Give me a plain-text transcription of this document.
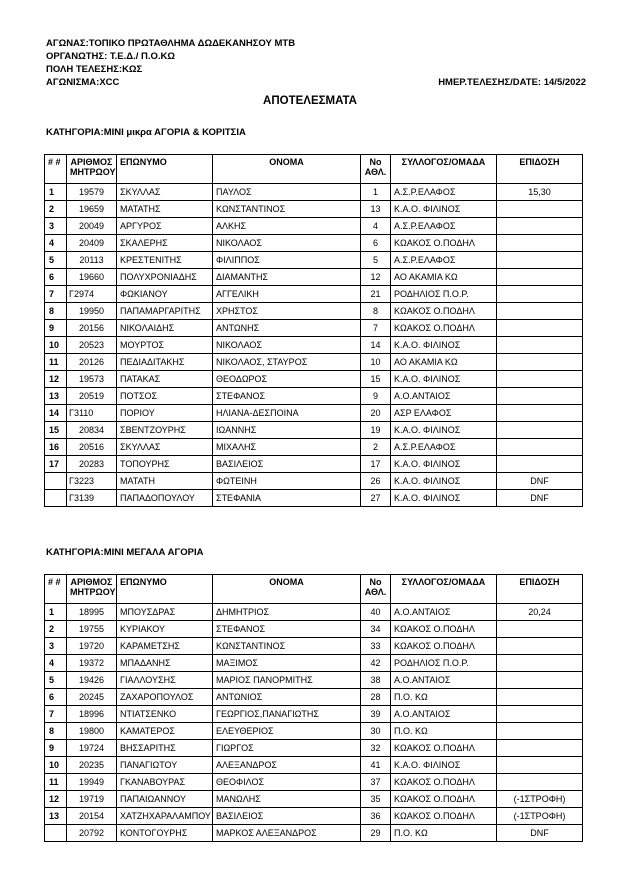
ΑΓΩΝΑΣ:ΤΟΠΙΚΟ ΠΡΩΤΑΘΛΗΜΑ ΔΩΔΕΚΑΝΗΣΟΥ ΜΤΒ
ΟΡΓΑΝΩΤΗΣ: Τ.Ε.Δ./ Π.Ο.ΚΩ
ΠΟΛΗ ΤΕΛΕΣΗΣ:ΚΩΣ
ΑΓΩΝΙΣΜΑ:XCC	ΗΜΕΡ.ΤΕΛΕΣΗΣ/DATE: 14/5/2022
ΑΠΟΤΕΛΕΣΜΑΤΑ
ΚΑΤΗΓΟΡΙΑ:ΜΙΝΙ μικρα ΑΓΟΡΙΑ & ΚΟΡΙΤΣΙΑ
# #	ΑΡΙΘΜΟΣ ΜΗΤΡΩΟΥ	ΕΠΩΝΥΜΟ	ΟΝΟΜΑ	No ΑΘΛ.	ΣΥΛΛΟΓΟΣ/ΟΜΑΔΑ	ΕΠΙΔΟΣΗ
1	19579	ΣΚΥΛΛΑΣ	ΠΑΥΛΟΣ	1	Α.Σ.Ρ.ΕΛΑΦΟΣ	15,30
2	19659	ΜΑΤΑΤΗΣ	ΚΩΝΣΤΑΝΤΙΝΟΣ	13	Κ.Α.Ο. ΦΙΛΙΝΟΣ	
3	20049	ΑΡΓΥΡΟΣ	ΑΛΚΗΣ	4	Α.Σ.Ρ.ΕΛΑΦΟΣ	
4	20409	ΣΚΑΛΕΡΗΣ	ΝΙΚΟΛΑΟΣ	6	ΚΩΑΚΟΣ Ο.ΠΟΔΗΛ	
5	20113	ΚΡΕΣΤΕΝΙΤΗΣ	ΦΙΛΙΠΠΟΣ	5	Α.Σ.Ρ.ΕΛΑΦΟΣ	
6	19660	ΠΟΛΥΧΡΟΝΙΑΔΗΣ	ΔΙΑΜΑΝΤΗΣ	12	ΑΟ ΑΚΑΜΙΑ ΚΩ	
7	Γ2974	ΦΩΚΙΑΝΟΥ	ΑΓΓΕΛΙΚΗ	21	ΡΟΔΗΛΙΟΣ Π.Ο.Ρ.	
8	19950	ΠΑΠΑΜΑΡΓΑΡΙΤΗΣ	ΧΡΗΣΤΟΣ	8	ΚΩΑΚΟΣ Ο.ΠΟΔΗΛ	
9	20156	ΝΙΚΟΛΑΙΔΗΣ	ΑΝΤΩΝΗΣ	7	ΚΩΑΚΟΣ Ο.ΠΟΔΗΛ	
10	20523	ΜΟΥΡΤΟΣ	ΝΙΚΟΛΑΟΣ	14	Κ.Α.Ο. ΦΙΛΙΝΟΣ	
11	20126	ΠΕΔΙΑΔΙΤΑΚΗΣ	ΝΙΚΟΛΑΟΣ, ΣΤΑΥΡΟΣ	10	ΑΟ ΑΚΑΜΙΑ ΚΩ	
12	19573	ΠΑΤΑΚΑΣ	ΘΕΟΔΩΡΟΣ	15	Κ.Α.Ο. ΦΙΛΙΝΟΣ	
13	20519	ΠΟΤΣΟΣ	ΣΤΕΦΑΝΟΣ	9	Α.Ο.ΑΝΤΑΙΟΣ	
14	Γ3110	ΠΟΡΙΟΥ	ΗΛΙΑΝΑ-ΔΕΣΠΟΙΝΑ	20	ΑΣΡ ΕΛΑΦΟΣ	
15	20834	ΣΒΕΝΤΖΟΥΡΗΣ	ΙΩΑΝΝΗΣ	19	Κ.Α.Ο. ΦΙΛΙΝΟΣ	
16	20516	ΣΚΥΛΛΑΣ	ΜΙΧΑΛΗΣ	2	Α.Σ.Ρ.ΕΛΑΦΟΣ	
17	20283	ΤΟΠΟΥΡΗΣ	ΒΑΣΙΛΕΙΟΣ	17	Κ.Α.Ο. ΦΙΛΙΝΟΣ	
	Γ3223	ΜΑΤΑΤΗ	ΦΩΤΕΙΝΗ	26	Κ.Α.Ο. ΦΙΛΙΝΟΣ	DNF
	Γ3139	ΠΑΠΑΔΟΠΟΥΛΟΥ	ΣΤΕΦΑΝΙΑ	27	Κ.Α.Ο. ΦΙΛΙΝΟΣ	DNF
ΚΑΤΗΓΟΡΙΑ:ΜΙΝΙ ΜΕΓΑΛΑ ΑΓΟΡΙΑ
# #	ΑΡΙΘΜΟΣ ΜΗΤΡΩΟΥ	ΕΠΩΝΥΜΟ	ΟΝΟΜΑ	No ΑΘΛ.	ΣΥΛΛΟΓΟΣ/ΟΜΑΔΑ	ΕΠΙΔΟΣΗ
1	18995	ΜΠΟΥΣΔΡΑΣ	ΔΗΜΗΤΡΙΟΣ	40	Α.Ο.ΑΝΤΑΙΟΣ	20,24
2	19755	ΚΥΡΙΑΚΟΥ	ΣΤΕΦΑΝΟΣ	34	ΚΩΑΚΟΣ Ο.ΠΟΔΗΛ	
3	19720	ΚΑΡΑΜΕΤΣΗΣ	ΚΩΝΣΤΑΝΤΙΝΟΣ	33	ΚΩΑΚΟΣ Ο.ΠΟΔΗΛ	
4	19372	ΜΠΑΔΑΝΗΣ	ΜΑΞΙΜΟΣ	42	ΡΟΔΗΛΙΟΣ Π.Ο.Ρ.	
5	19426	ΓΙΑΛΛΟΥΣΗΣ	ΜΑΡΙΟΣ ΠΑΝΟΡΜΙΤΗΣ	38	Α.Ο.ΑΝΤΑΙΟΣ	
6	20245	ΖΑΧΑΡΟΠΟΥΛΟΣ	ΑΝΤΩΝΙΟΣ	28	Π.Ο. ΚΩ	
7	18996	ΝΤΙΑΤΣΕΝΚΟ	ΓΕΩΡΓΙΟΣ,ΠΑΝΑΓΙΩΤΗΣ	39	Α.Ο.ΑΝΤΑΙΟΣ	
8	19800	ΚΑΜΑΤΕΡΟΣ	ΕΛΕΥΘΕΡΙΟΣ	30	Π.Ο. ΚΩ	
9	19724	ΒΗΣΣΑΡΙΤΗΣ	ΓΙΩΡΓΟΣ	32	ΚΩΑΚΟΣ Ο.ΠΟΔΗΛ	
10	20235	ΠΑΝΑΓΙΩΤΟΥ	ΑΛΕΞΑΝΔΡΟΣ	41	Κ.Α.Ο. ΦΙΛΙΝΟΣ	
11	19949	ΓΚΑΝΑΒΟΥΡΑΣ	ΘΕΟΦΙΛΟΣ	37	ΚΩΑΚΟΣ Ο.ΠΟΔΗΛ	
12	19719	ΠΑΠΑΙΩΑΝΝΟΥ	ΜΑΝΩΛΗΣ	35	ΚΩΑΚΟΣ Ο.ΠΟΔΗΛ	(-1ΣΤΡΟΦΗ)
13	20154	ΧΑΤΖΗΧΑΡΑΛΑΜΠΟΥ	ΒΑΣΙΛΕΙΟΣ	36	ΚΩΑΚΟΣ Ο.ΠΟΔΗΛ	(-1ΣΤΡΟΦΗ)
	20792	ΚΟΝΤΟΓΟΥΡΗΣ	ΜΑΡΚΟΣ ΑΛΕΞΑΝΔΡΟΣ	29	Π.Ο. ΚΩ	DNF
